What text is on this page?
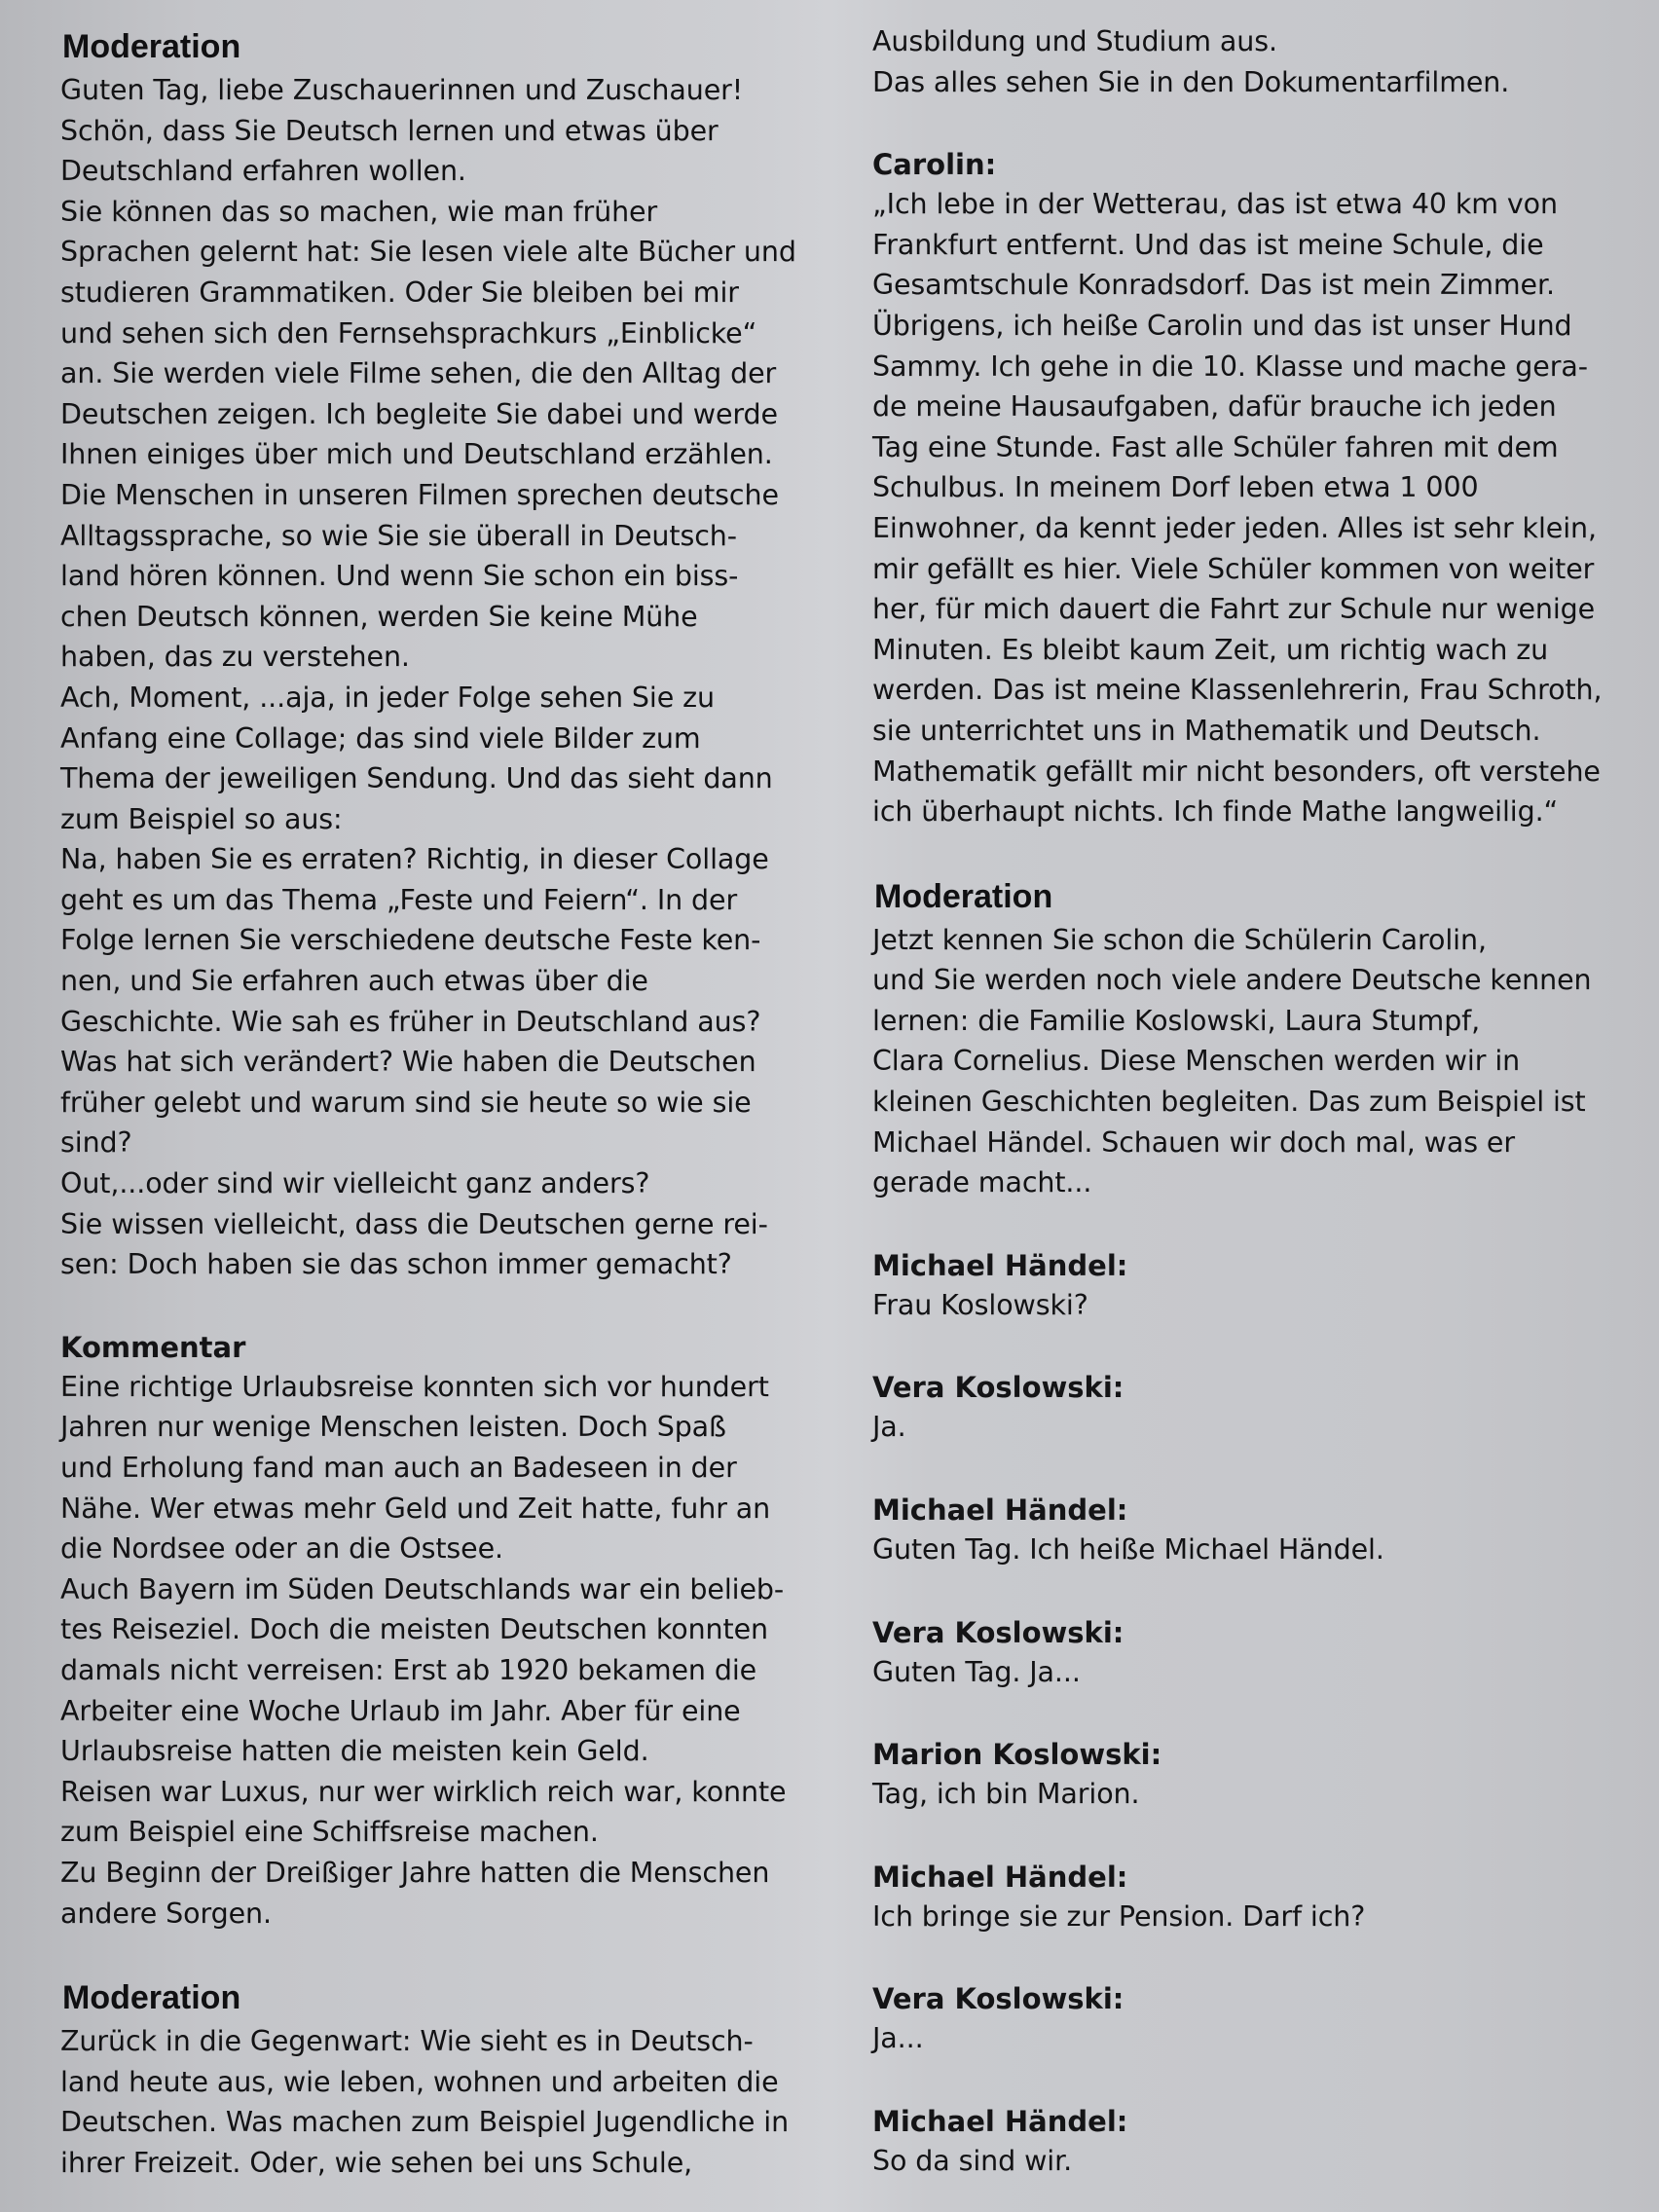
Moderation

Guten Tag, liebe Zuschauerinnen und Zuschauer!

Schön, dass Sie Deutsch lernen und etwas über

Deutschland erfahren wollen.

Sie können das so machen, wie man früher

Sprachen gelernt hat: Sie lesen viele alte Bücher und

studieren Grammatiken. Oder Sie bleiben bei mir

und sehen sich den Fernsehsprachkurs „Einblicke“

an. Sie werden viele Filme sehen, die den Alltag der

Deutschen zeigen. Ich begleite Sie dabei und werde

Ihnen einiges über mich und Deutschland erzählen.

Die Menschen in unseren Filmen sprechen deutsche

Alltagssprache, so wie Sie sie überall in Deutsch-

land hören können. Und wenn Sie schon ein biss-

chen Deutsch können, werden Sie keine Mühe

haben, das zu verstehen.

Ach, Moment, ...aja, in jeder Folge sehen Sie zu

Anfang eine Collage; das sind viele Bilder zum

Thema der jeweiligen Sendung. Und das sieht dann

zum Beispiel so aus:

Na, haben Sie es erraten? Richtig, in dieser Collage

geht es um das Thema „Feste und Feiern“. In der

Folge lernen Sie verschiedene deutsche Feste ken-

nen, und Sie erfahren auch etwas über die

Geschichte. Wie sah es früher in Deutschland aus?

Was hat sich verändert? Wie haben die Deutschen

früher gelebt und warum sind sie heute so wie sie

sind?

Out,...oder sind wir vielleicht ganz anders?

Sie wissen vielleicht, dass die Deutschen gerne rei-

sen: Doch haben sie das schon immer gemacht?

Kommentar

Eine richtige Urlaubsreise konnten sich vor hundert

Jahren nur wenige Menschen leisten. Doch Spaß

und Erholung fand man auch an Badeseen in der

Nähe. Wer etwas mehr Geld und Zeit hatte, fuhr an

die Nordsee oder an die Ostsee.

Auch Bayern im Süden Deutschlands war ein belieb-

tes Reiseziel. Doch die meisten Deutschen konnten

damals nicht verreisen: Erst ab 1920 bekamen die

Arbeiter eine Woche Urlaub im Jahr. Aber für eine

Urlaubsreise hatten die meisten kein Geld.

Reisen war Luxus, nur wer wirklich reich war, konnte

zum Beispiel eine Schiffsreise machen.

Zu Beginn der Dreißiger Jahre hatten die Menschen

andere Sorgen.

Moderation

Zurück in die Gegenwart: Wie sieht es in Deutsch-

land heute aus, wie leben, wohnen und arbeiten die

Deutschen. Was machen zum Beispiel Jugendliche in

ihrer Freizeit. Oder, wie sehen bei uns Schule,

Ausbildung und Studium aus.

Das alles sehen Sie in den Dokumentarfilmen.

Carolin:

„Ich lebe in der Wetterau, das ist etwa 40 km von

Frankfurt entfernt. Und das ist meine Schule, die

Gesamtschule Konradsdorf. Das ist mein Zimmer.

Übrigens, ich heiße Carolin und das ist unser Hund

Sammy. Ich gehe in die 10. Klasse und mache gera-

de meine Hausaufgaben, dafür brauche ich jeden

Tag eine Stunde. Fast alle Schüler fahren mit dem

Schulbus. In meinem Dorf leben etwa 1 000

Einwohner, da kennt jeder jeden. Alles ist sehr klein,

mir gefällt es hier. Viele Schüler kommen von weiter

her, für mich dauert die Fahrt zur Schule nur wenige

Minuten. Es bleibt kaum Zeit, um richtig wach zu

werden. Das ist meine Klassenlehrerin, Frau Schroth,

sie unterrichtet uns in Mathematik und Deutsch.

Mathematik gefällt mir nicht besonders, oft verstehe

ich überhaupt nichts. Ich finde Mathe langweilig.“

Moderation

Jetzt kennen Sie schon die Schülerin Carolin,

und Sie werden noch viele andere Deutsche kennen

lernen: die Familie Koslowski, Laura Stumpf,

Clara Cornelius. Diese Menschen werden wir in

kleinen Geschichten begleiten. Das zum Beispiel ist

Michael Händel. Schauen wir doch mal, was er

gerade macht...

Michael Händel:

Frau Koslowski?

Vera Koslowski:

Ja.

Michael Händel:

Guten Tag. Ich heiße Michael Händel.

Vera Koslowski:

Guten Tag. Ja...

Marion Koslowski:

Tag, ich bin Marion.

Michael Händel:

Ich bringe sie zur Pension. Darf ich?

Vera Koslowski:

Ja...

Michael Händel:

So da sind wir.
